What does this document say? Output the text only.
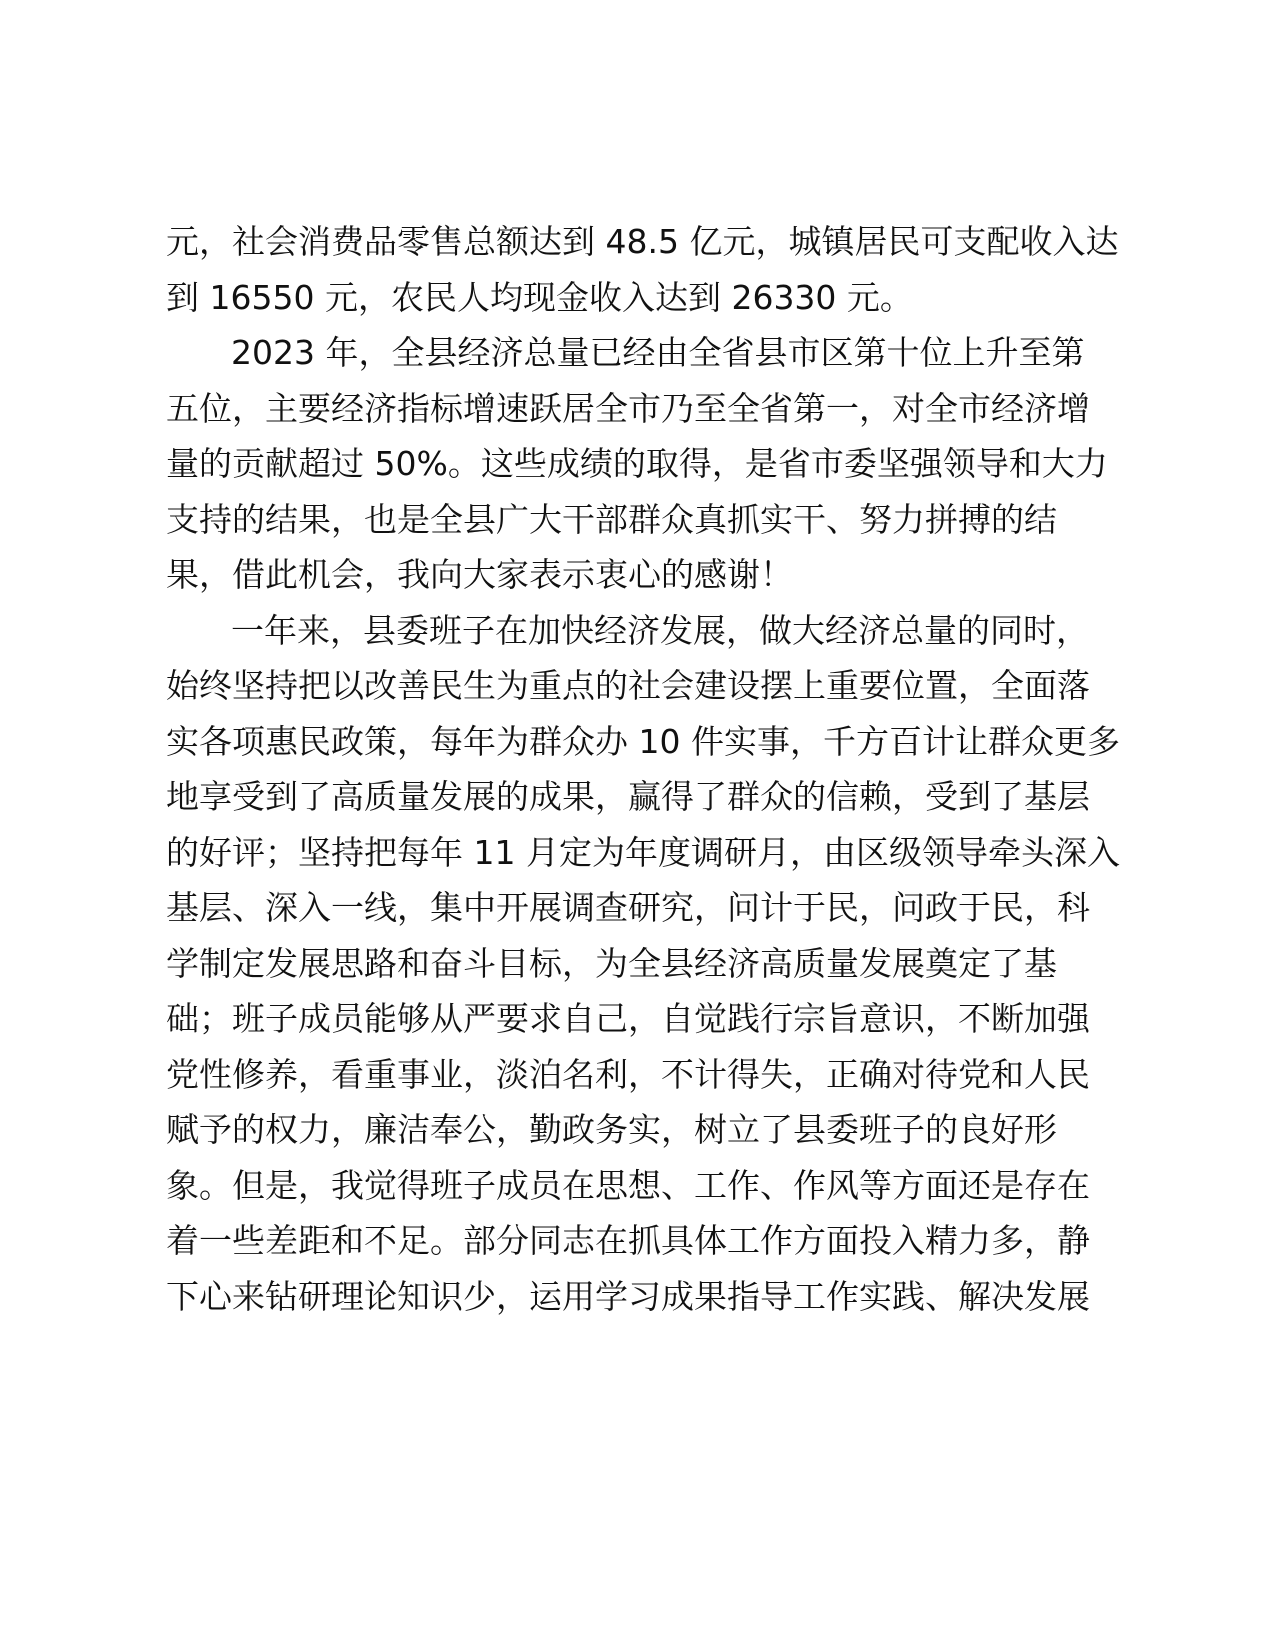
元，社会消费品零售总额达到 48.5 亿元，城镇居民可支配收入达
到 16550 元，农民人均现金收入达到 26330 元。
2023 年，全县经济总量已经由全省县市区第十位上升至第
五位，主要经济指标增速跃居全市乃至全省第一，对全市经济增
量的贡献超过 50%。这些成绩的取得，是省市委坚强领导和大力
支持的结果，也是全县广大干部群众真抓实干、努力拼搏的结
果，借此机会，我向大家表示衷心的感谢！
一年来，县委班子在加快经济发展，做大经济总量的同时，
始终坚持把以改善民生为重点的社会建设摆上重要位置，全面落
实各项惠民政策，每年为群众办 10 件实事，千方百计让群众更多
地享受到了高质量发展的成果，赢得了群众的信赖，受到了基层
的好评；坚持把每年 11 月定为年度调研月，由区级领导牵头深入
基层、深入一线，集中开展调查研究，问计于民，问政于民，科
学制定发展思路和奋斗目标，为全县经济高质量发展奠定了基
础；班子成员能够从严要求自己，自觉践行宗旨意识，不断加强
党性修养，看重事业，淡泊名利，不计得失，正确对待党和人民
赋予的权力，廉洁奉公，勤政务实，树立了县委班子的良好形
象。但是，我觉得班子成员在思想、工作、作风等方面还是存在
着一些差距和不足。部分同志在抓具体工作方面投入精力多，静
下心来钻研理论知识少，运用学习成果指导工作实践、解决发展
